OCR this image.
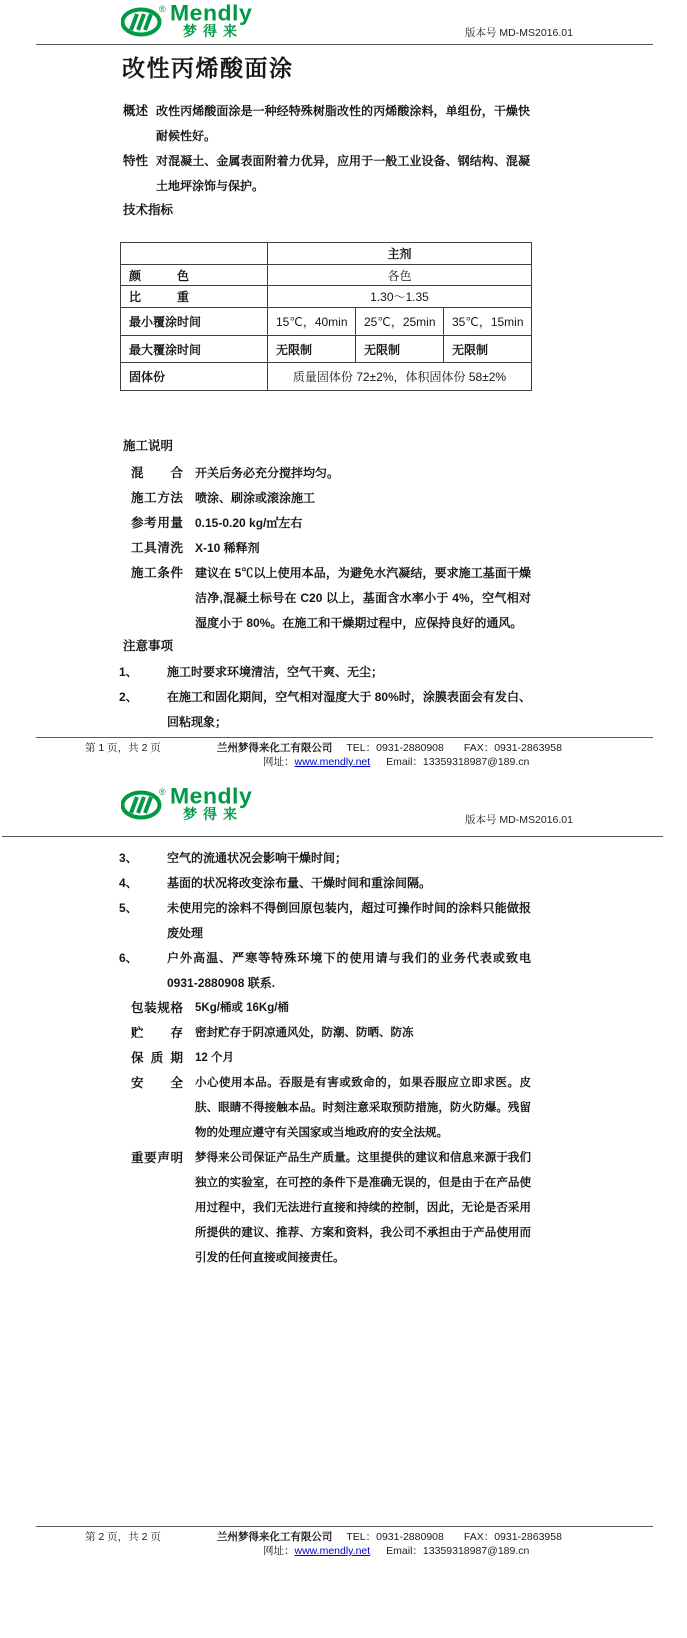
® Mendly
梦得来	版本号 MD-MS2016.01
改性丙烯酸面涂
概述 改性丙烯酸面涂是一种经特殊树脂改性的丙烯酸涂料，单组份，干燥快耐候性好。
特性 对混凝土、金属表面附着力优异，应用于一般工业设备、钢结构、混凝土地坪涂饰与保护。
技术指标
	主剂		
颜色	各色		
比重	1.30～1.35		
最小覆涂时间	15℃，40min	25℃，25min	35℃，15min
最大覆涂时间	无限制	无限制	无限制
固体份	质量固体份 72±2%，体积固体份 58±2%		
施工说明
混合	开关后务必充分搅拌均匀。
施工方法	喷涂、刷涂或滚涂施工
参考用量	0.15-0.20 kg/㎡左右
工具清洗	X-10 稀释剂
施工条件	建议在 5℃以上使用本品，为避免水汽凝结，要求施工基面干燥洁净,混凝土标号在 C20 以上，基面含水率小于 4%，空气相对湿度小于 80%。在施工和干燥期过程中，应保持良好的通风。
注意事项
1、	施工时要求环境清洁，空气干爽、无尘；
2、	在施工和固化期间，空气相对湿度大于 80%时，涂膜表面会有发白、回粘现象；
第 1 页，共 2 页	兰州梦得来化工有限公司 TEL：0931-2880908 FAX：0931-2863958
网址： www.mendly.net Email：13359318987@189.cn
® Mendly
梦得来	版本号 MD-MS2016.01
3、	空气的流通状况会影响干燥时间；
4、	基面的状况将改变涂布量、干燥时间和重涂间隔。
5、	未使用完的涂料不得倒回原包装内，超过可操作时间的涂料只能做报废处理
6、	户外高温、严寒等特殊环境下的使用请与我们的业务代表或致电 0931-2880908 联系.
包装规格	5Kg/桶或 16Kg/桶
贮存	密封贮存于阴凉通风处，防潮、防晒、防冻
保质期	12 个月
安全	小心使用本品。吞服是有害或致命的，如果吞服应立即求医。皮肤、眼睛不得接触本品。时刻注意采取预防措施，防火防爆。残留物的处理应遵守有关国家或当地政府的安全法规。
重要声明	梦得来公司保证产品生产质量。这里提供的建议和信息来源于我们独立的实验室，在可控的条件下是准确无误的，但是由于在产品使用过程中，我们无法进行直接和持续的控制，因此，无论是否采用所提供的建议、推荐、方案和资料，我公司不承担由于产品使用而引发的任何直接或间接责任。
第 2 页，共 2 页	兰州梦得来化工有限公司 TEL：0931-2880908 FAX：0931-2863958
网址： www.mendly.net Email：13359318987@189.cn
